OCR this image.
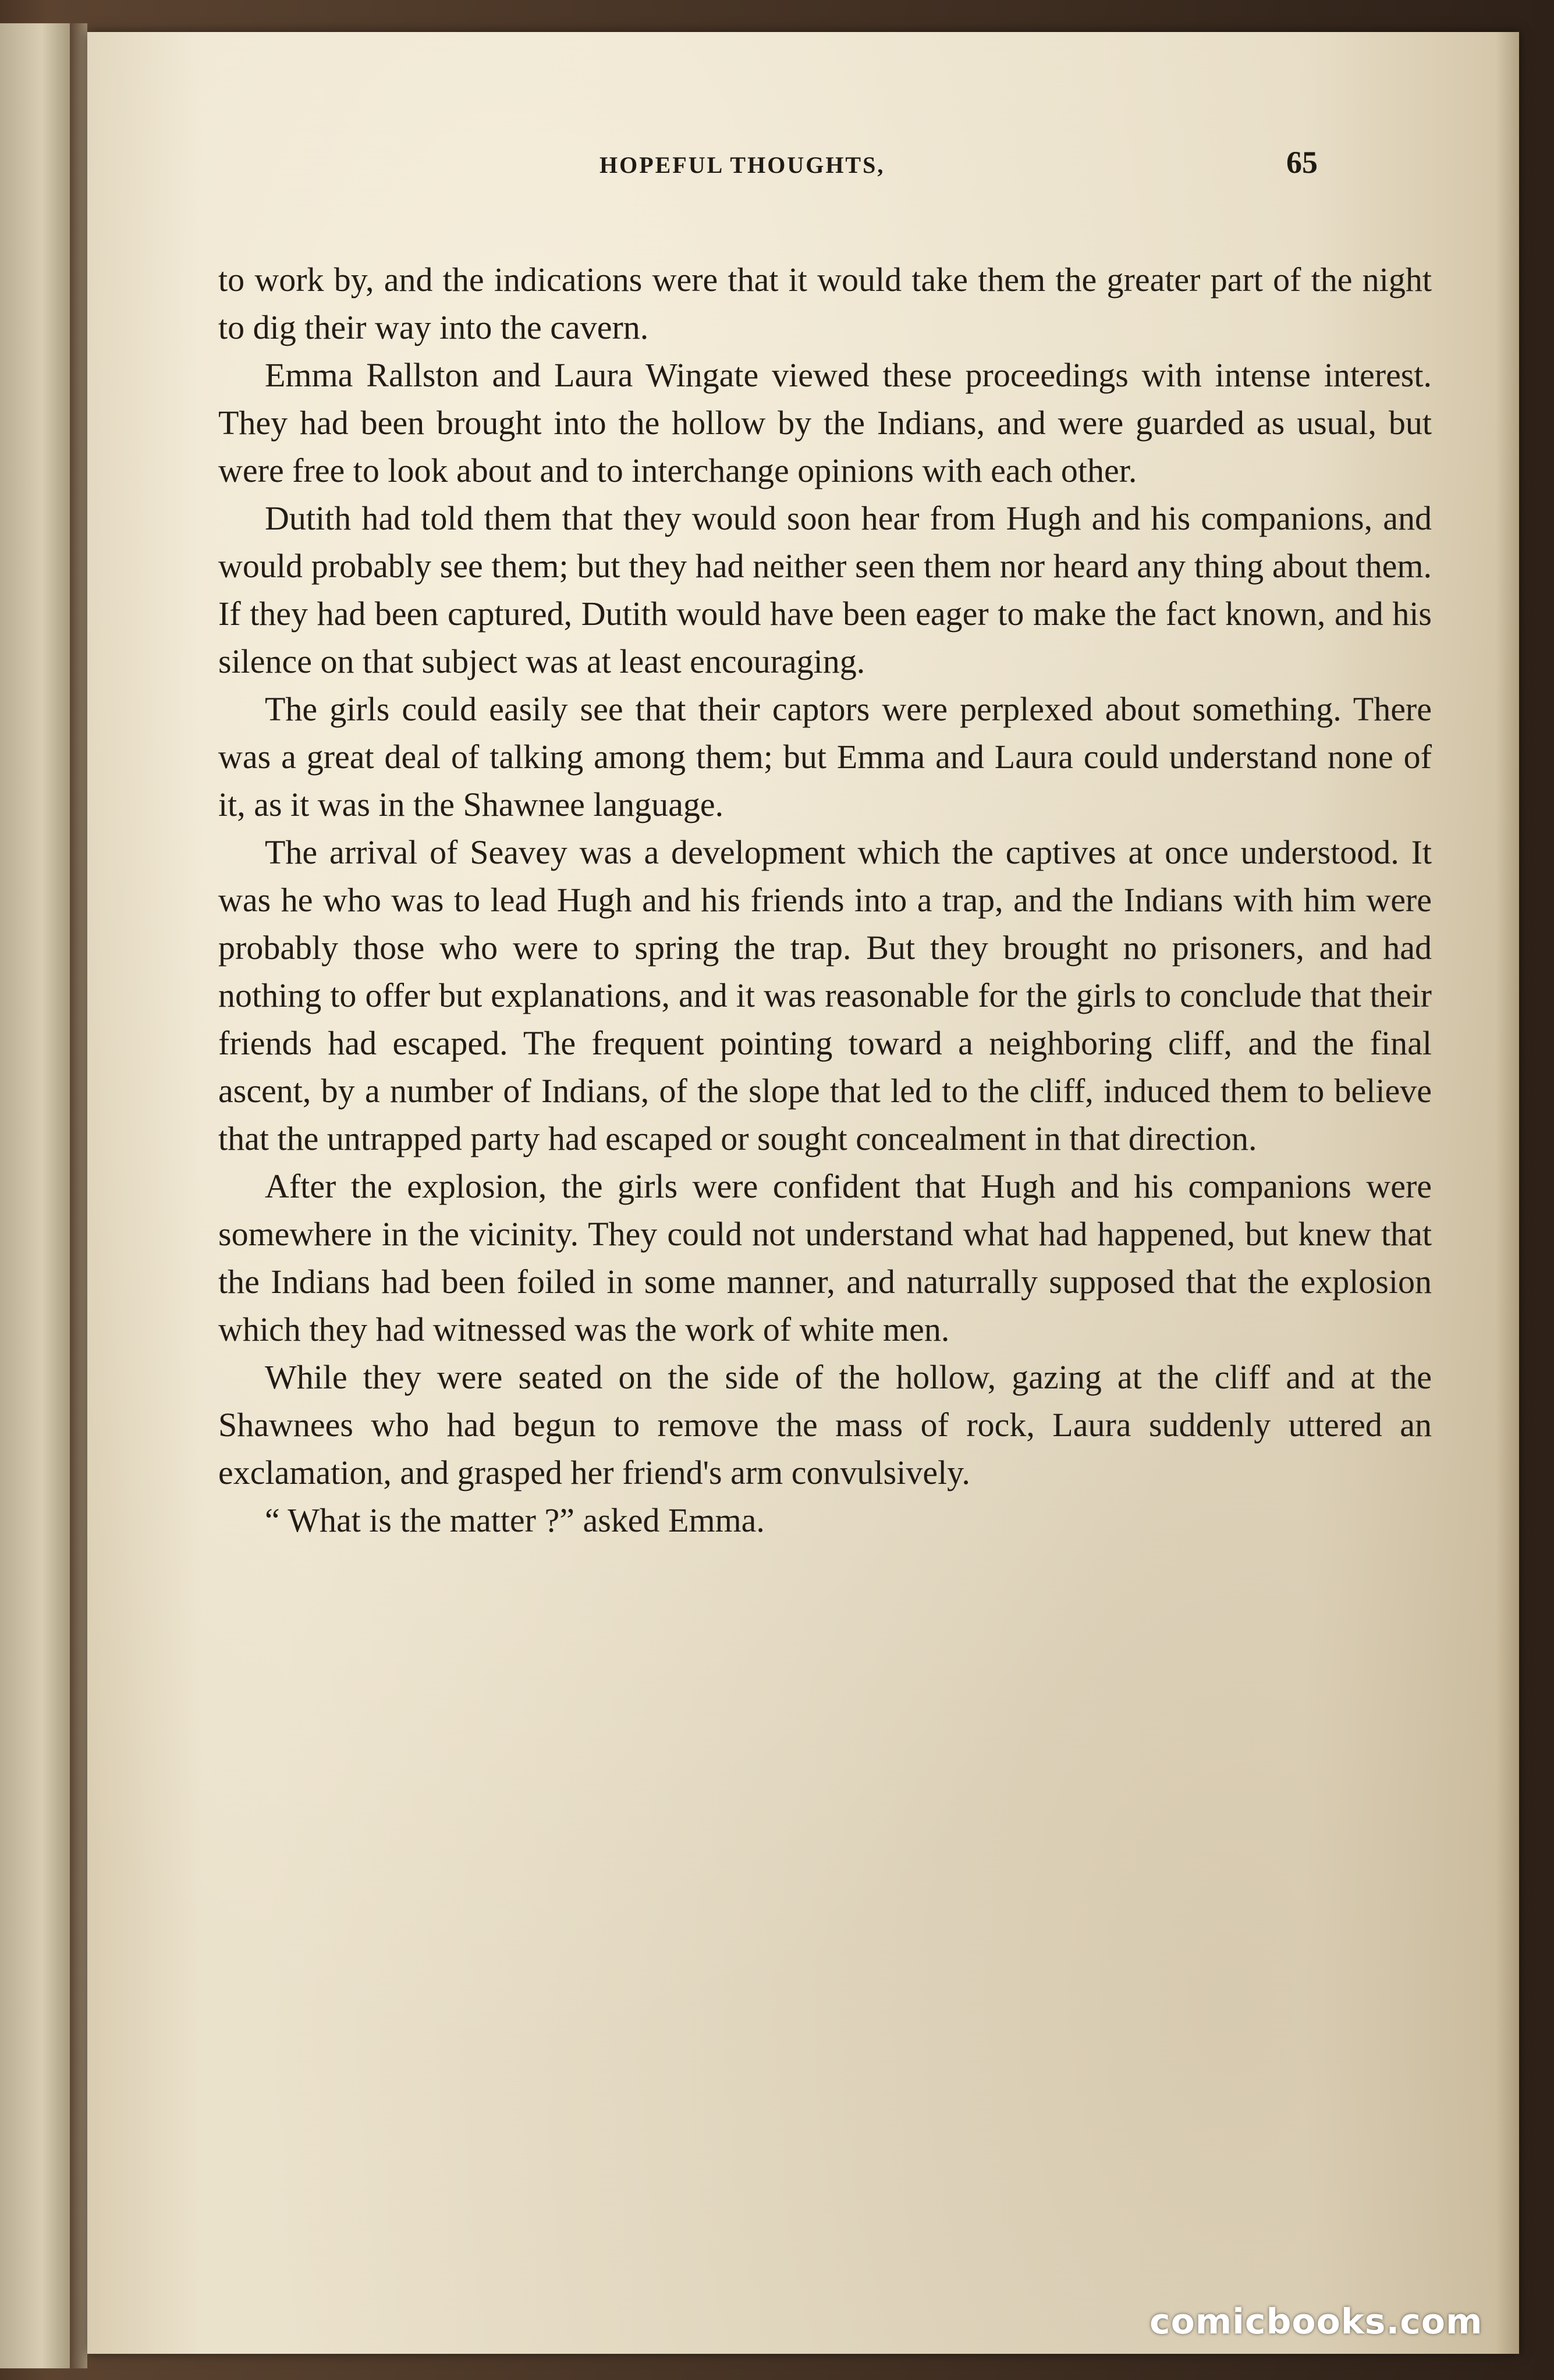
HOPEFUL THOUGHTS,	65

to work by, and the indications were that it would take them the greater part of the night to dig their way into the cavern.

Emma Rallston and Laura Wingate viewed these proceedings with intense interest. They had been brought into the hollow by the Indians, and were guarded as usual, but were free to look about and to interchange opinions with each other.

Dutith had told them that they would soon hear from Hugh and his companions, and would probably see them; but they had neither seen them nor heard any thing about them. If they had been captured, Dutith would have been eager to make the fact known, and his silence on that subject was at least encouraging.

The girls could easily see that their captors were perplexed about something. There was a great deal of talking among them; but Emma and Laura could understand none of it, as it was in the Shawnee language.

The arrival of Seavey was a development which the captives at once understood. It was he who was to lead Hugh and his friends into a trap, and the Indians with him were probably those who were to spring the trap. But they brought no prisoners, and had nothing to offer but explanations, and it was reasonable for the girls to conclude that their friends had escaped. The frequent pointing toward a neighboring cliff, and the final ascent, by a number of Indians, of the slope that led to the cliff, induced them to believe that the untrapped party had escaped or sought concealment in that direction.

After the explosion, the girls were confident that Hugh and his companions were somewhere in the vicinity. They could not understand what had happened, but knew that the Indians had been foiled in some manner, and naturrally supposed that the explosion which they had witnessed was the work of white men.

While they were seated on the side of the hollow, gazing at the cliff and at the Shawnees who had begun to remove the mass of rock, Laura suddenly uttered an exclamation, and grasped her friend's arm convulsively.

“ What is the matter ?” asked Emma.

comicbooks.com
